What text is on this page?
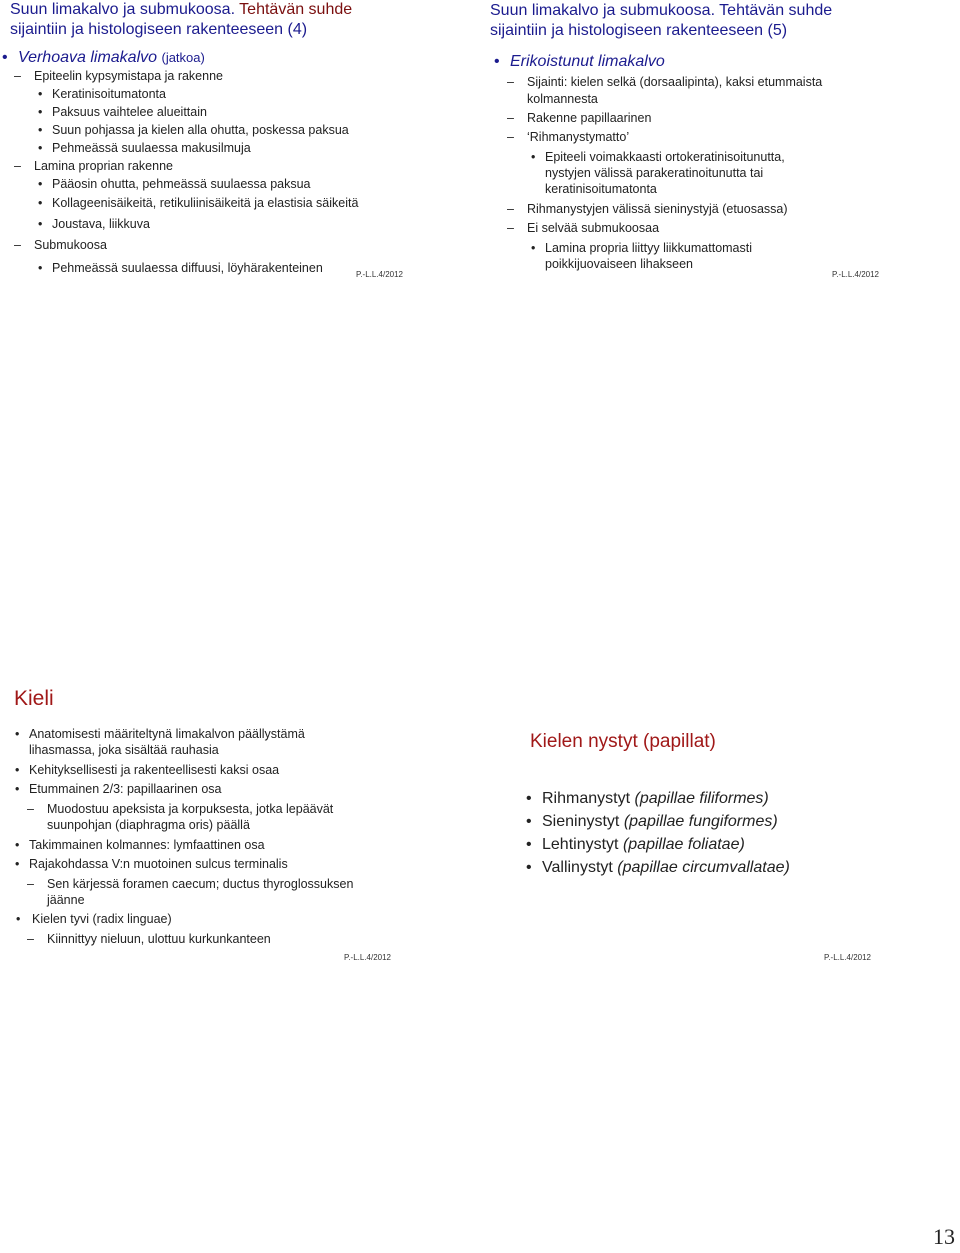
Suun limakalvo ja submukoosa. Tehtävän suhde
sijaintiin ja histologiseen rakenteeseen (4)
• Verhoava limakalvo (jatkoa)
– Epiteelin kypsymistapa ja rakenne
• Keratinisoitumatonta
• Paksuus vaihtelee alueittain
• Suun pohjassa ja kielen alla ohutta, poskessa paksua
• Pehmeässä suulaessa makusilmuja
– Lamina proprian rakenne
• Pääosin ohutta, pehmeässä suulaessa paksua
• Kollageenisäikeitä, retikuliinisäikeitä ja elastisia säikeitä
• Joustava, liikkuva
– Submukoosa
• Pehmeässä suulaessa diffuusi, löyhärakenteinen	P.-L.L.4/2012
Suun limakalvo ja submukoosa. Tehtävän suhde
sijaintiin ja histologiseen rakenteeseen (5)
• Erikoistunut limakalvo
– Sijainti: kielen selkä (dorsaalipinta), kaksi etummaista
kolmannesta
– Rakenne papillaarinen
– ‘Rihmanystymatto’
• Epiteeli voimakkaasti ortokeratinisoitunutta,
nystyjen välissä parakeratinoitunutta tai
keratinisoitumatonta
– Rihmanystyjen välissä sieninystyjä (etuosassa)
– Ei selvää submukoosaa
• Lamina propria liittyy liikkumattomasti
poikkijuovaiseen lihakseen
P.-L.L.4/2012
Kieli
• Anatomisesti määriteltynä limakalvon päällystämä
lihasmassa, joka sisältää rauhasia
• Kehityksellisesti ja rakenteellisesti kaksi osaa
• Etummainen 2/3: papillaarinen osa
– Muodostuu apeksista ja korpuksesta, jotka lepäävät
suunpohjan (diaphragma oris) päällä
• Takimmainen kolmannes: lymfaattinen osa
• Rajakohdassa V:n muotoinen sulcus terminalis
– Sen kärjessä foramen caecum; ductus thyroglossuksen
jäänne
• Kielen tyvi (radix linguae)
– Kiinnittyy nieluun, ulottuu kurkunkanteen
P.-L.L.4/2012
Kielen nystyt (papillat)
• Rihmanystyt (papillae filiformes)
• Sieninystyt (papillae fungiformes)
• Lehtinystyt (papillae foliatae)
• Vallinystyt (papillae circumvallatae)
P.-L.L.4/2012
13
